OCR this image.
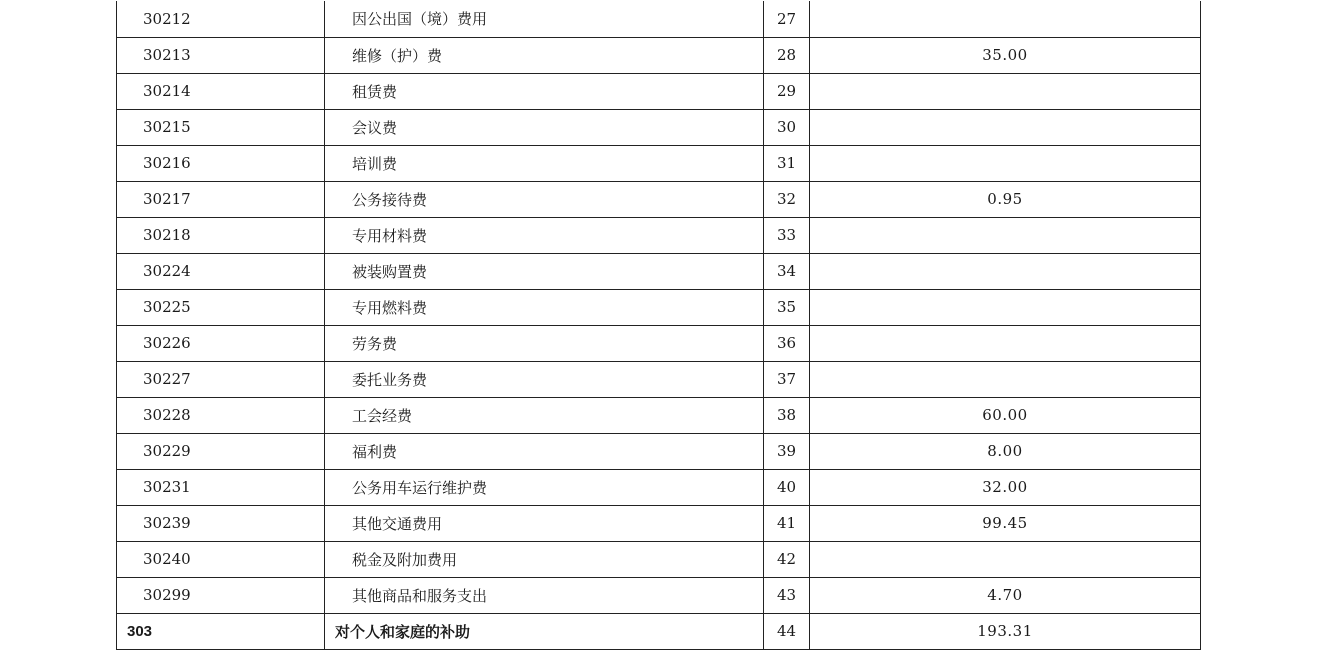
30212	因公出国（境）费用	27	
30213	维修（护）费	28	35.00
30214	租赁费	29	
30215	会议费	30	
30216	培训费	31	
30217	公务接待费	32	0.95
30218	专用材料费	33	
30224	被装购置费	34	
30225	专用燃料费	35	
30226	劳务费	36	
30227	委托业务费	37	
30228	工会经费	38	60.00
30229	福利费	39	8.00
30231	公务用车运行维护费	40	32.00
30239	其他交通费用	41	99.45
30240	税金及附加费用	42	
30299	其他商品和服务支出	43	4.70
303	对个人和家庭的补助	44	193.31
